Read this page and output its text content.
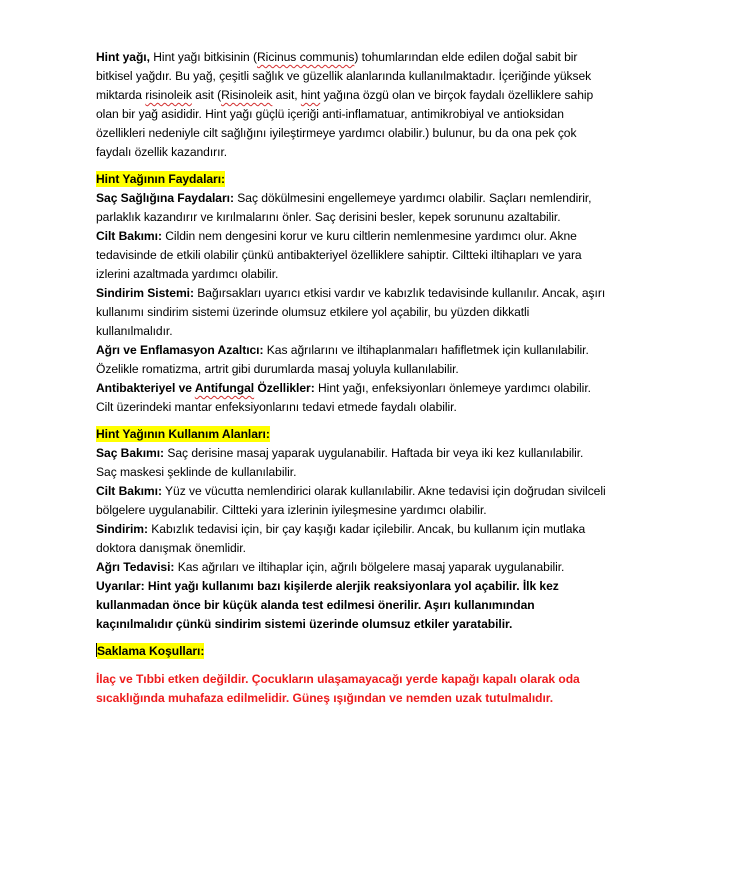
Hint yağı, Hint yağı bitkisinin (Ricinus communis) tohumlarından elde edilen doğal sabit bir bitkisel yağdır. Bu yağ, çeşitli sağlık ve güzellik alanlarında kullanılmaktadır. İçeriğinde yüksek miktarda risinoleik asit (Risinoleik asit, hint yağına özgü olan ve birçok faydalı özelliklere sahip olan bir yağ asididir. Hint yağı güçlü içeriği anti-inflamatuar, antimikrobiyal ve antioksidan özellikleri nedeniyle cilt sağlığını iyileştirmeye yardımcı olabilir.) bulunur, bu da ona pek çok faydalı özellik kazandırır.

Hint Yağının Faydaları:

Saç Sağlığına Faydaları: Saç dökülmesini engellemeye yardımcı olabilir. Saçları nemlendirir, parlaklık kazandırır ve kırılmalarını önler. Saç derisini besler, kepek sorununu azaltabilir.

Cilt Bakımı: Cildin nem dengesini korur ve kuru ciltlerin nemlenmesine yardımcı olur. Akne tedavisinde de etkili olabilir çünkü antibakteriyel özelliklere sahiptir. Ciltteki iltihapları ve yara izlerini azaltmada yardımcı olabilir.

Sindirim Sistemi: Bağırsakları uyarıcı etkisi vardır ve kabızlık tedavisinde kullanılır. Ancak, aşırı kullanımı sindirim sistemi üzerinde olumsuz etkilere yol açabilir, bu yüzden dikkatli kullanılmalıdır.

Ağrı ve Enflamasyon Azaltıcı: Kas ağrılarını ve iltihaplanmaları hafifletmek için kullanılabilir. Özelikle romatizma, artrit gibi durumlarda masaj yoluyla kullanılabilir.

Antibakteriyel ve Antifungal Özellikler: Hint yağı, enfeksiyonları önlemeye yardımcı olabilir. Cilt üzerindeki mantar enfeksiyonlarını tedavi etmede faydalı olabilir.

Hint Yağının Kullanım Alanları:

Saç Bakımı: Saç derisine masaj yaparak uygulanabilir. Haftada bir veya iki kez kullanılabilir. Saç maskesi şeklinde de kullanılabilir.

Cilt Bakımı: Yüz ve vücutta nemlendirici olarak kullanılabilir. Akne tedavisi için doğrudan sivilceli bölgelere uygulanabilir. Ciltteki yara izlerinin iyileşmesine yardımcı olabilir.

Sindirim: Kabızlık tedavisi için, bir çay kaşığı kadar içilebilir. Ancak, bu kullanım için mutlaka doktora danışmak önemlidir.

Ağrı Tedavisi: Kas ağrıları ve iltihaplar için, ağrılı bölgelere masaj yaparak uygulanabilir.

Uyarılar: Hint yağı kullanımı bazı kişilerde alerjik reaksiyonlara yol açabilir. İlk kez kullanmadan önce bir küçük alanda test edilmesi önerilir. Aşırı kullanımından kaçınılmalıdır çünkü sindirim sistemi üzerinde olumsuz etkiler yaratabilir.

Saklama Koşulları:

İlaç ve Tıbbi etken değildir. Çocukların ulaşamayacağı yerde kapağı kapalı olarak oda sıcaklığında muhafaza edilmelidir. Güneş ışığından ve nemden uzak tutulmalıdır.
